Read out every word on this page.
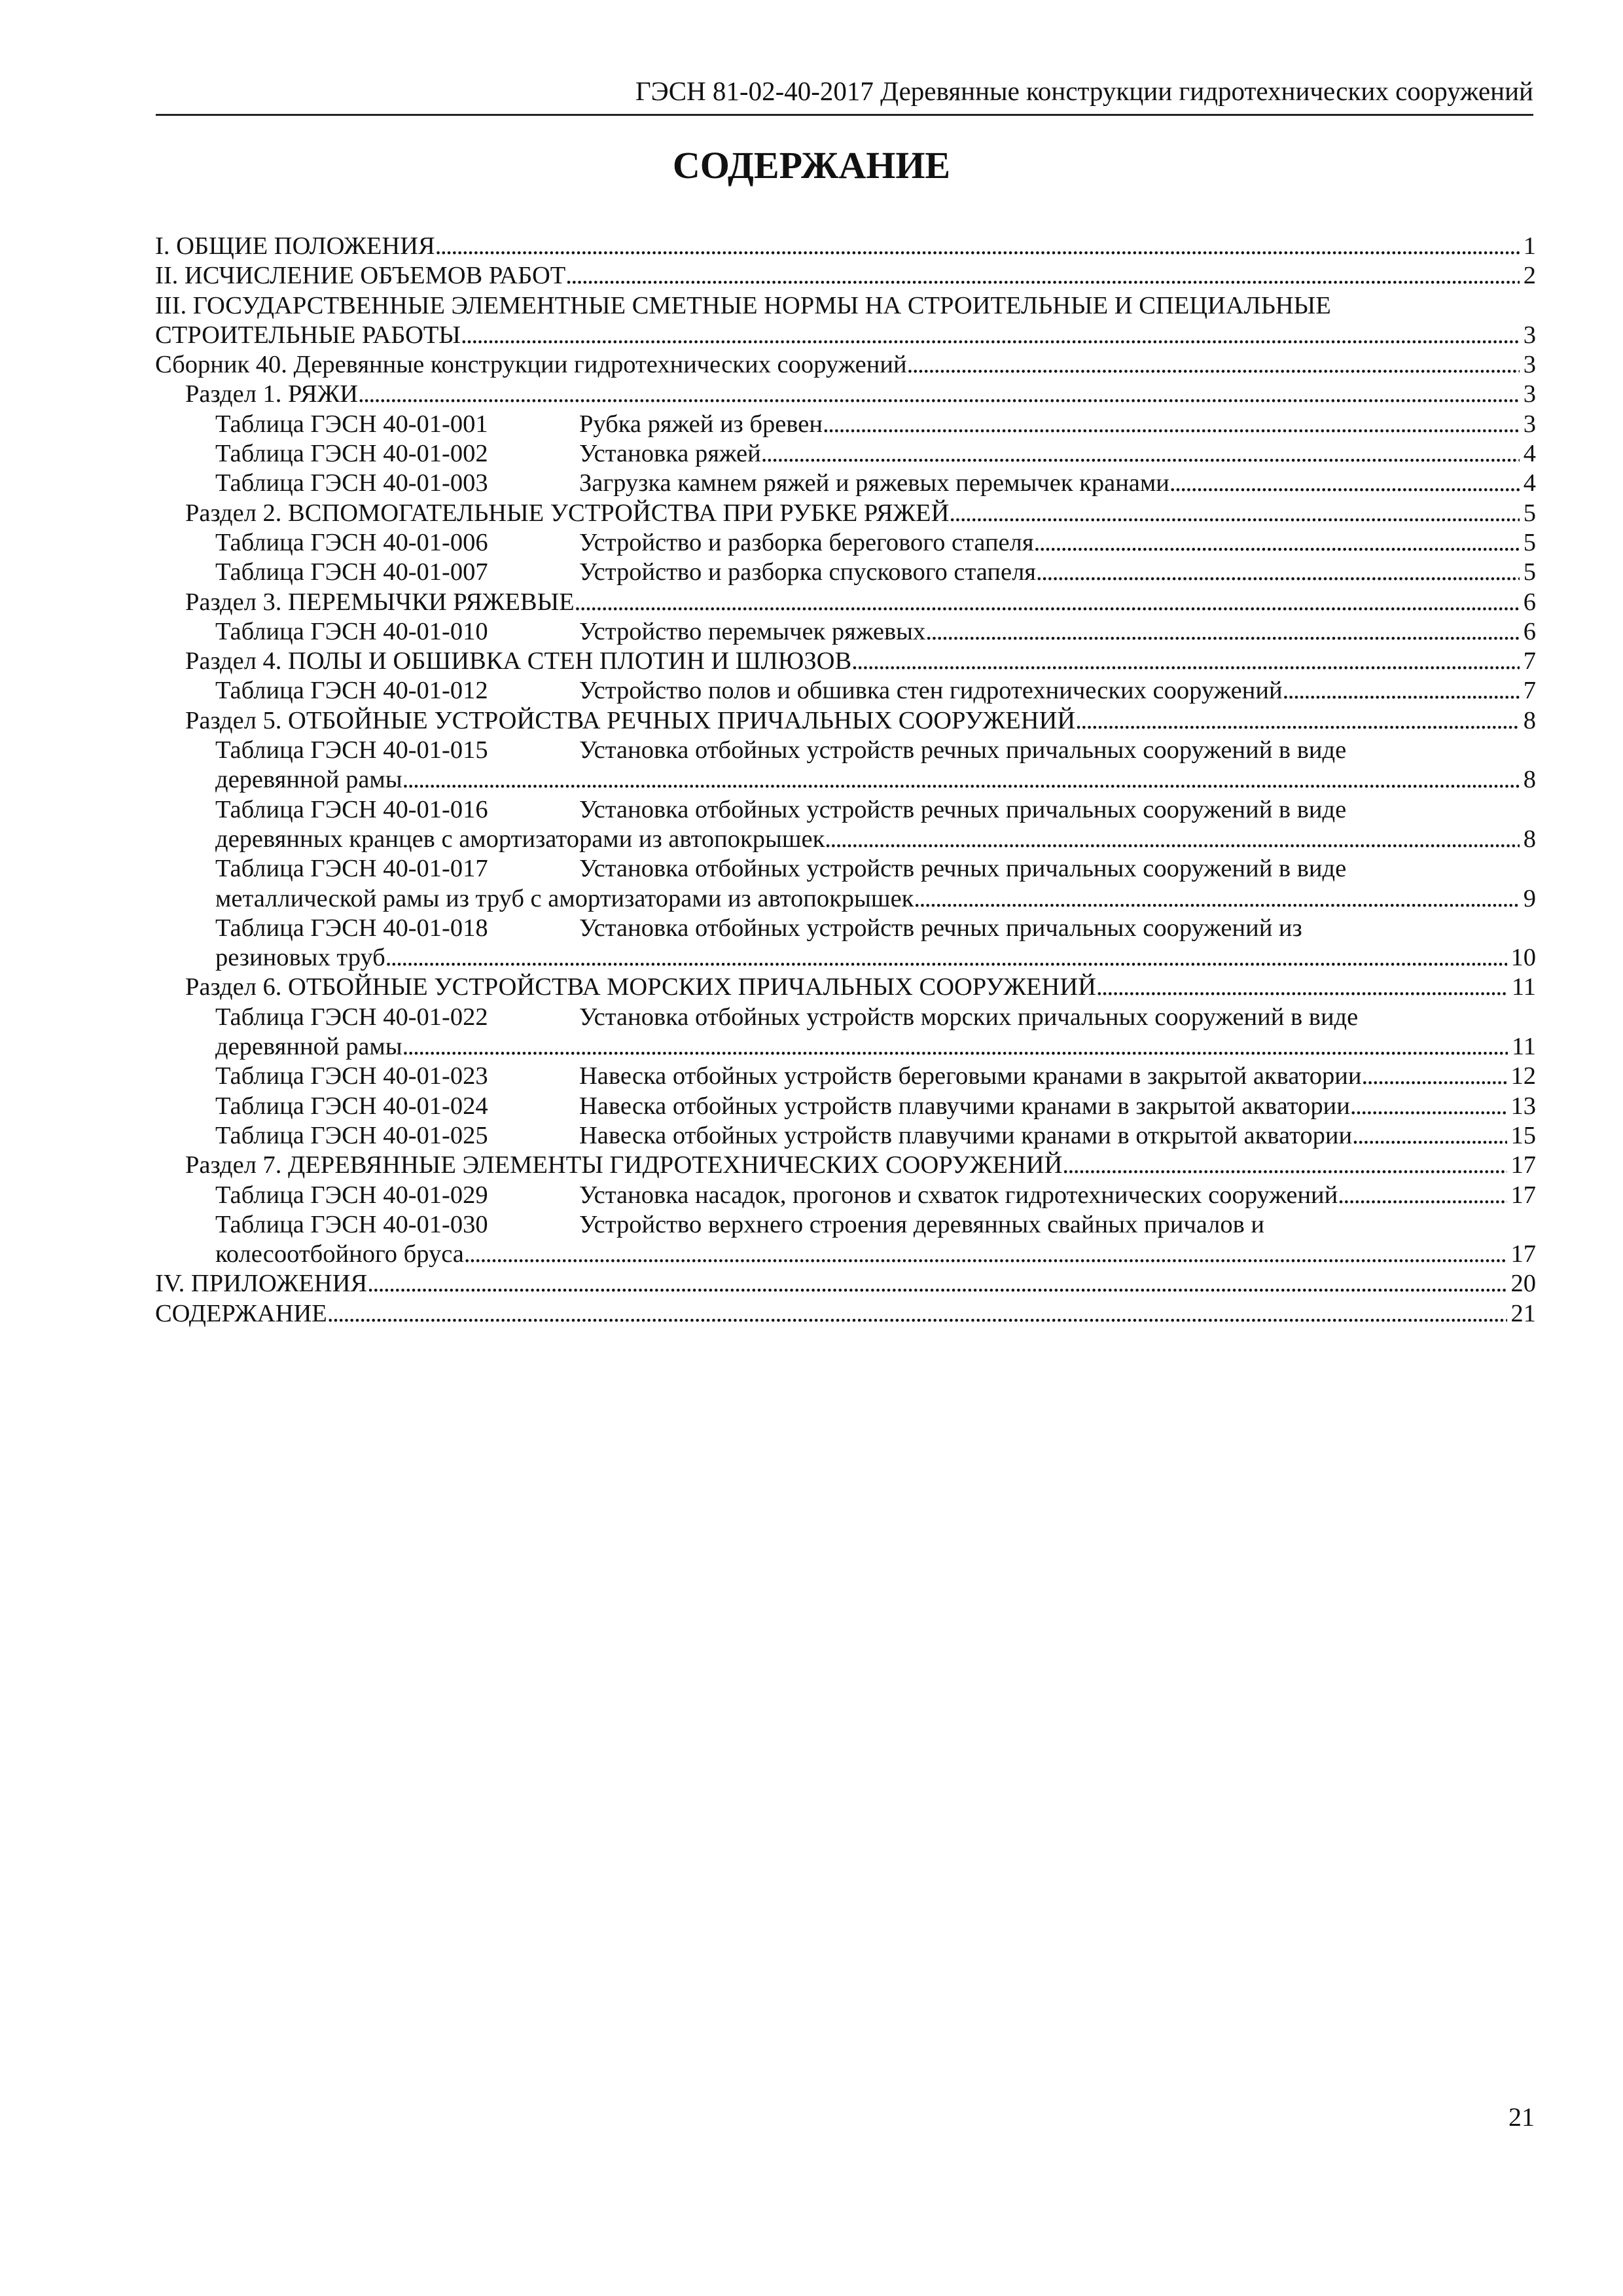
ГЭСН 81-02-40-2017 Деревянные конструкции гидротехнических сооружений
СОДЕРЖАНИЕ
I. ОБЩИЕ ПОЛОЖЕНИЯ . . .	1
II. ИСЧИСЛЕНИЕ ОБЪЕМОВ РАБОТ . . .	2
III. ГОСУДАРСТВЕННЫЕ ЭЛЕМЕНТНЫЕ СМЕТНЫЕ НОРМЫ НА СТРОИТЕЛЬНЫЕ И СПЕЦИАЛЬНЫЕ
СТРОИТЕЛЬНЫЕ РАБОТЫ . . .	3
Сборник 40. Деревянные конструкции гидротехнических сооружений . . .	3
Раздел 1. РЯЖИ . . .	3
Таблица ГЭСН 40-01-001	Рубка ряжей из бревен . . .	3
Таблица ГЭСН 40-01-002	Установка ряжей . . .	4
Таблица ГЭСН 40-01-003	Загрузка камнем ряжей и ряжевых перемычек кранами . . .	4
Раздел 2. ВСПОМОГАТЕЛЬНЫЕ УСТРОЙСТВА ПРИ РУБКЕ РЯЖЕЙ . . .	5
Таблица ГЭСН 40-01-006	Устройство и разборка берегового стапеля . . .	5
Таблица ГЭСН 40-01-007	Устройство и разборка спускового стапеля . . .	5
Раздел 3. ПЕРЕМЫЧКИ РЯЖЕВЫЕ . . .	6
Таблица ГЭСН 40-01-010	Устройство перемычек ряжевых . . .	6
Раздел 4. ПОЛЫ И ОБШИВКА СТЕН ПЛОТИН И ШЛЮЗОВ . . .	7
Таблица ГЭСН 40-01-012	Устройство полов и обшивка стен гидротехнических сооружений . . .	7
Раздел 5. ОТБОЙНЫЕ УСТРОЙСТВА РЕЧНЫХ ПРИЧАЛЬНЫХ СООРУЖЕНИЙ . . .	8
Таблица ГЭСН 40-01-015	Установка отбойных устройств речных причальных сооружений в виде
деревянной рамы . . .	8
Таблица ГЭСН 40-01-016	Установка отбойных устройств речных причальных сооружений в виде
деревянных кранцев с амортизаторами из автопокрышек . . .	8
Таблица ГЭСН 40-01-017	Установка отбойных устройств речных причальных сооружений в виде
металлической рамы из труб с амортизаторами из автопокрышек . . .	9
Таблица ГЭСН 40-01-018	Установка отбойных устройств речных причальных сооружений из
резиновых труб . . .	10
Раздел 6. ОТБОЙНЫЕ УСТРОЙСТВА МОРСКИХ ПРИЧАЛЬНЫХ СООРУЖЕНИЙ . . .	11
Таблица ГЭСН 40-01-022	Установка отбойных устройств морских причальных сооружений в виде
деревянной рамы . . .	11
Таблица ГЭСН 40-01-023	Навеска отбойных устройств береговыми кранами в закрытой акватории . . .	12
Таблица ГЭСН 40-01-024	Навеска отбойных устройств плавучими кранами в закрытой акватории . . .	13
Таблица ГЭСН 40-01-025	Навеска отбойных устройств плавучими кранами в открытой акватории . . .	15
Раздел 7. ДЕРЕВЯННЫЕ ЭЛЕМЕНТЫ ГИДРОТЕХНИЧЕСКИХ СООРУЖЕНИЙ . . .	17
Таблица ГЭСН 40-01-029	Установка насадок, прогонов и схваток гидротехнических сооружений . . .	17
Таблица ГЭСН 40-01-030	Устройство верхнего строения деревянных свайных причалов и
колесоотбойного бруса . . .	17
IV. ПРИЛОЖЕНИЯ . . .	20
СОДЕРЖАНИЕ . . .	21
21
